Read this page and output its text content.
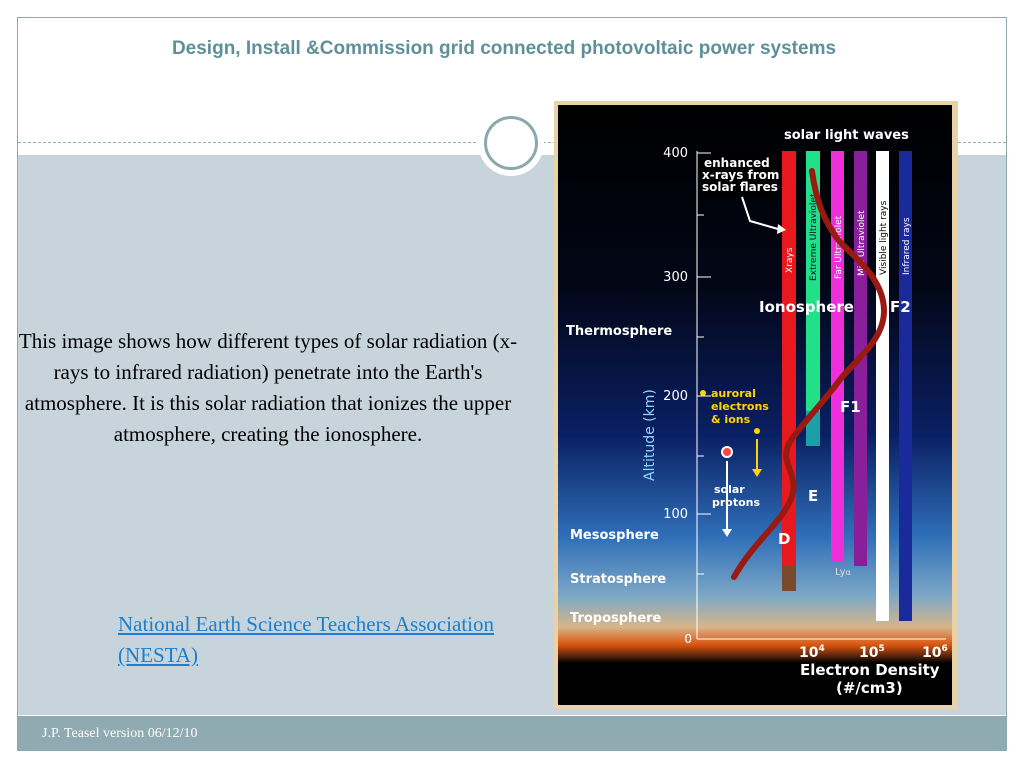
Design, Install &Commission grid connected photovoltaic power systems
This image shows how different types of solar radiation (x-rays to infrared radiation) penetrate into the Earth's atmosphere. It is this solar radiation that ionizes the upper atmosphere, creating the ionosphere.
National Earth Science Teachers Association (NESTA)
400
300
200
100
0
Altitude (km)
Xrays Extreme Ultraviolet Far Ultraviolet Mid Ultraviolet Visible light rays Infrared rays
solar light waves
enhanced
x-rays from
solar flares
Thermosphere
Mesosphere
Stratosphere
Troposphere
Ionosphere F2
F1
E
D
Lyα
auroral
electrons
& ions
solar
protons
$10^4$ $10^5$	$10^6$
Electron Density
(#/cm3)
J.P. Teasel version 06/12/10
